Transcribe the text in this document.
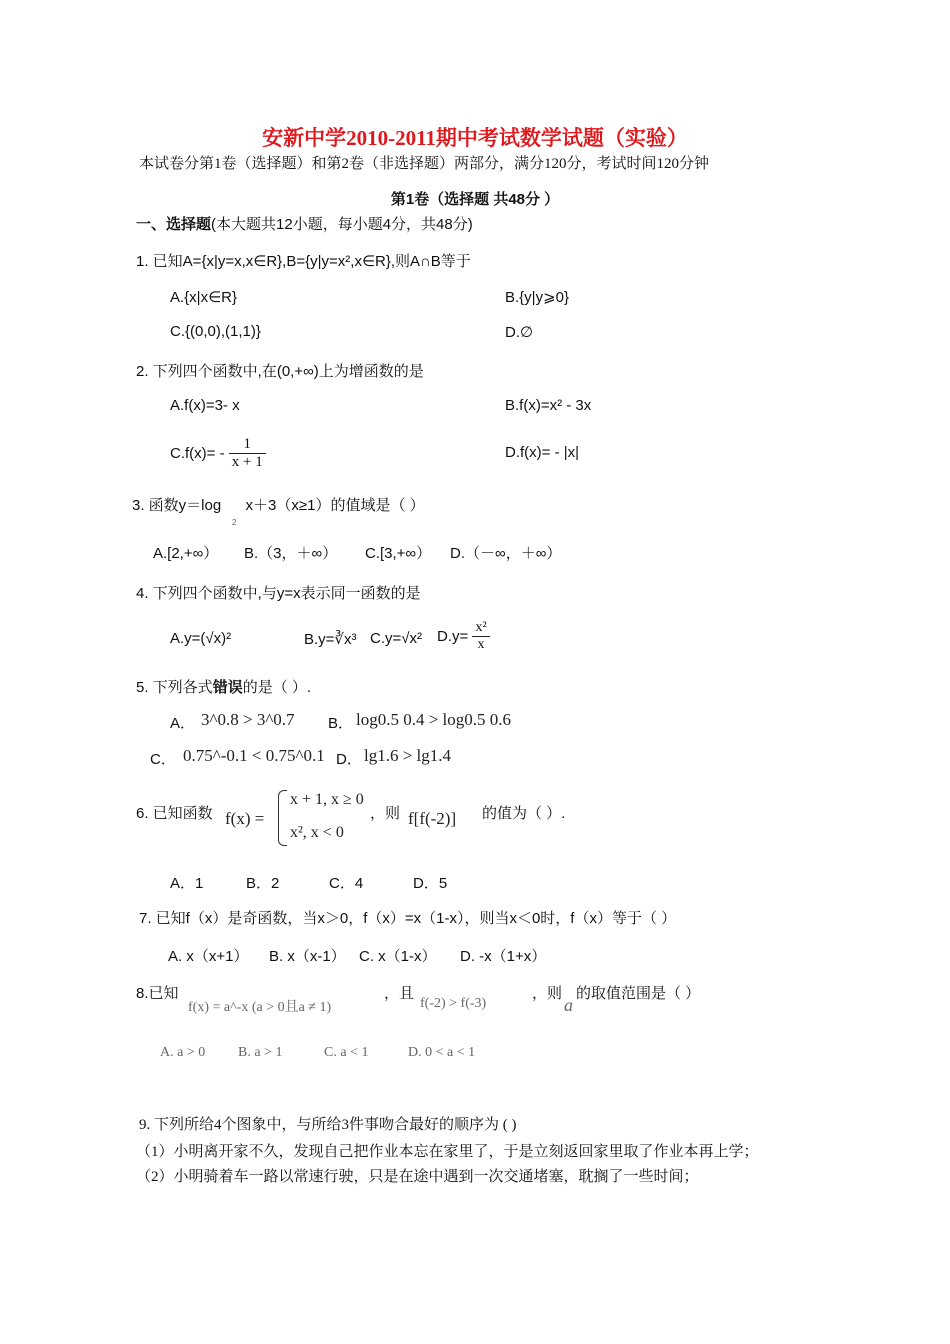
安新中学2010-2011期中考试数学试题（实验）
本试卷分第1卷（选择题）和第2卷（非选择题）两部分，满分120分，考试时间120分钟
第1卷（选择题 共48分 ）
一、选择题(本大题共12小题，每小题4分，共48分)
1. 已知A={x|y=x,x∈R},B={y|y=x²,x∈R},则A∩B等于
A.{x|x∈R}	B.{y|y⩾0}
C.{(0,0),(1,1)}	D.∅
2. 下列四个函数中,在(0,+∞)上为增函数的是
A.f(x)=3- x	B.f(x)=x² - 3x
$C.f(x)= - \frac{1}{x + 1}$	D.f(x)= - |x|
3. 函数y＝log x＋3（x≥1）的值域是（ ）
2
A.[2,+∞） B.（3，＋∞） C.[3,+∞） D.（－∞，＋∞）
4. 下列四个函数中,与y=x表示同一函数的是
A.y=(√x)²	B.y=∛x³ C.y=√x² $D.y= \frac{\text{x²}}{x}$
5. 下列各式错误的是（ ）.
A． 3^0.8 > 3^0.7 B． log0.5 0.4 > log0.5 0.6
C． 0.75^-0.1 < 0.75^0.1 D． lg1.6 > lg1.4
6. 已知函数 f(x) =
x + 1, x ≥ 0
x², x < 0
，则 f[f(-2)] 的值为（ ）.
A．1	B．2	C．4	D．5
7. 已知f（x）是奇函数，当x＞0，f（x）=x（1-x），则当x＜0时，f（x）等于（ ）
A. x（x+1） B. x（x-1） C. x（1-x） D. -x（1+x）
8.已知
f(x) = a^-x (a > 0且a ≠ 1)
，且
f(-2) > f(-3)
，则
a
的取值范围是（ ）
A. a > 0 B. a > 1	C. a < 1	D. 0 < a < 1
9. 下列所给4个图象中，与所给3件事吻合最好的顺序为 ( )
（1）小明离开家不久，发现自己把作业本忘在家里了，于是立刻返回家里取了作业本再上学；
（2）小明骑着车一路以常速行驶，只是在途中遇到一次交通堵塞，耽搁了一些时间；
